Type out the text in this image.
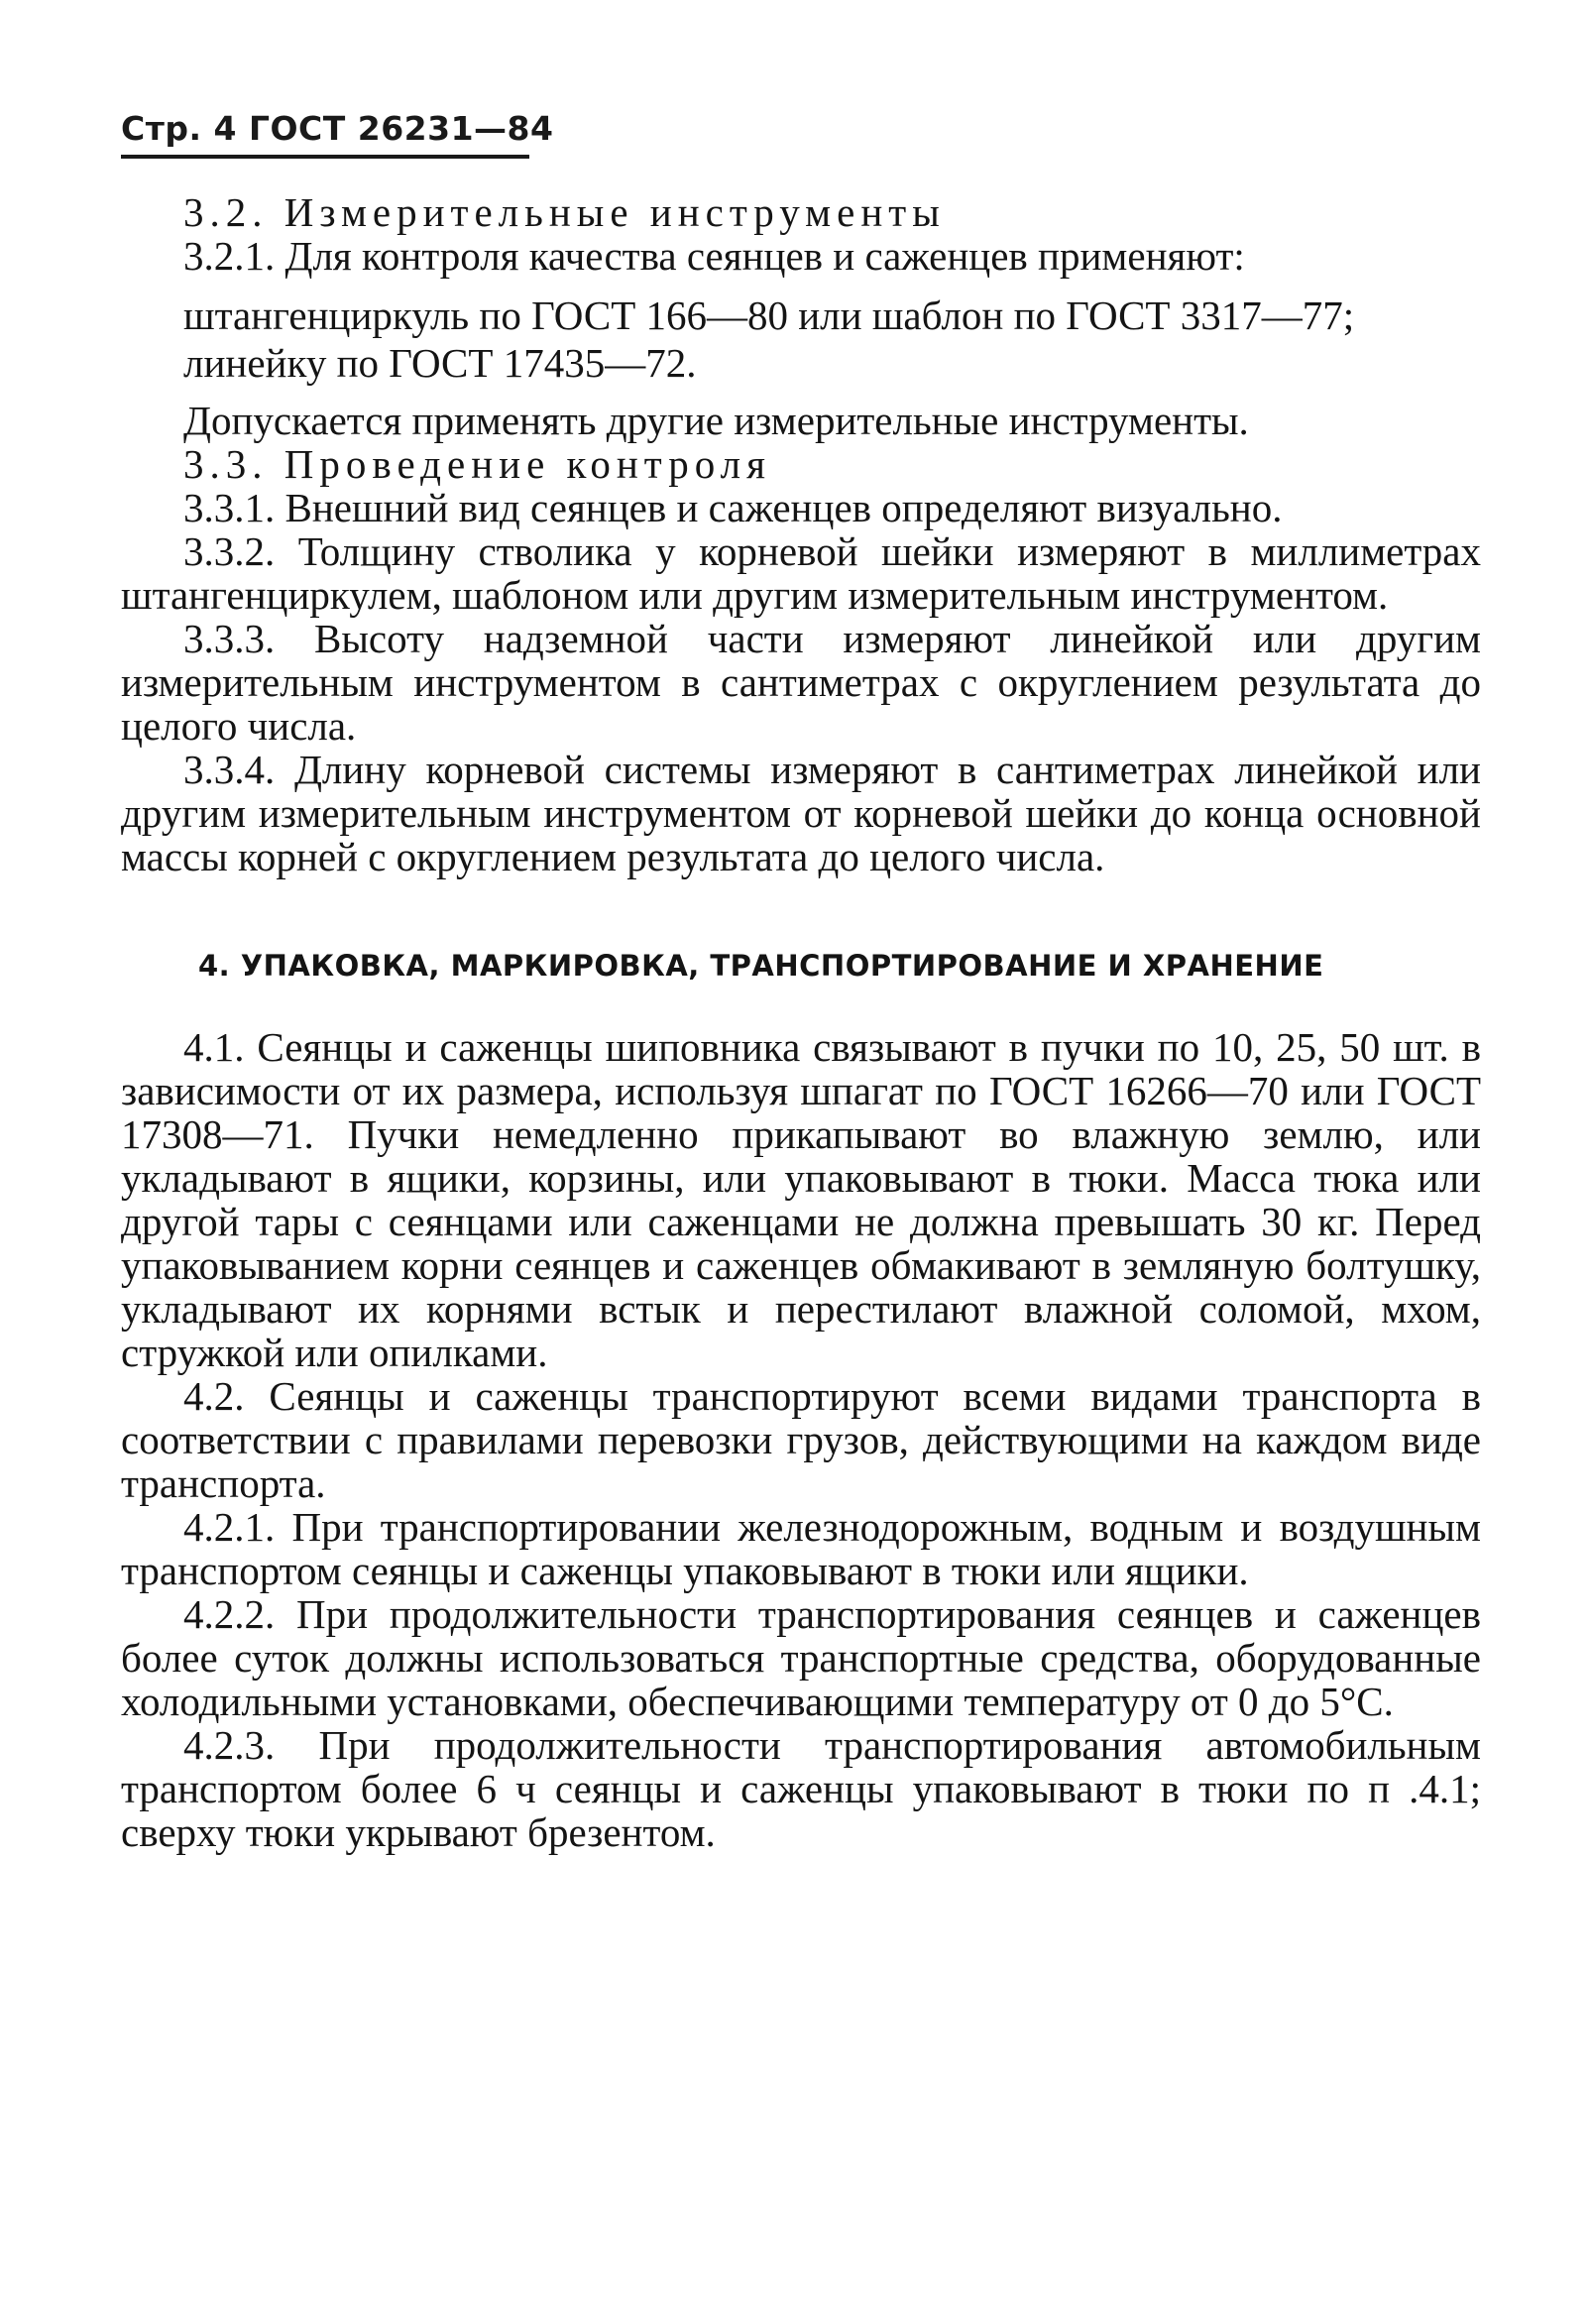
Стр. 4 ГОСТ 26231—84

3.2. Измерительные инструменты

3.2.1. Для контроля качества сеянцев и саженцев применяют:

штангенциркуль по ГОСТ 166—80 или шаблон по ГОСТ 3317—77;

линейку по ГОСТ 17435—72.

Допускается применять другие измерительные инструменты.

3.3. Проведение контроля

3.3.1. Внешний вид сеянцев и саженцев определяют визуально.

3.3.2. Толщину стволика у корневой шейки измеряют в миллиметрах штангенциркулем, шаблоном или другим измерительным инструментом.

3.3.3. Высоту надземной части измеряют линейкой или другим измерительным инструментом в сантиметрах с округлением результата до целого числа.

3.3.4. Длину корневой системы измеряют в сантиметрах линейкой или другим измерительным инструментом от корневой шейки до конца основной массы корней с округлением результата до целого числа.

4. УПАКОВКА, МАРКИРОВКА, ТРАНСПОРТИРОВАНИЕ И ХРАНЕНИЕ

4.1. Сеянцы и саженцы шиповника связывают в пучки по 10, 25, 50 шт. в зависимости от их размера, используя шпагат по ГОСТ 16266—70 или ГОСТ 17308—71. Пучки немедленно прикапывают во влажную землю, или укладывают в ящики, корзины, или упаковывают в тюки. Масса тюка или другой тары с сеянцами или саженцами не должна превышать 30 кг. Перед упаковыванием корни сеянцев и саженцев обмакивают в земляную болтушку, укладывают их корнями встык и перестилают влажной соломой, мхом, стружкой или опилками.

4.2. Сеянцы и саженцы транспортируют всеми видами транспорта в соответствии с правилами перевозки грузов, действующими на каждом виде транспорта.

4.2.1. При транспортировании железнодорожным, водным и воздушным транспортом сеянцы и саженцы упаковывают в тюки или ящики.

4.2.2. При продолжительности транспортирования сеянцев и саженцев более суток должны использоваться транспортные средства, оборудованные холодильными установками, обеспечивающими температуру от 0 до 5°С.

4.2.3. При продолжительности транспортирования автомобильным транспортом более 6 ч сеянцы и саженцы упаковывают в тюки по п .4.1; сверху тюки укрывают брезентом.
